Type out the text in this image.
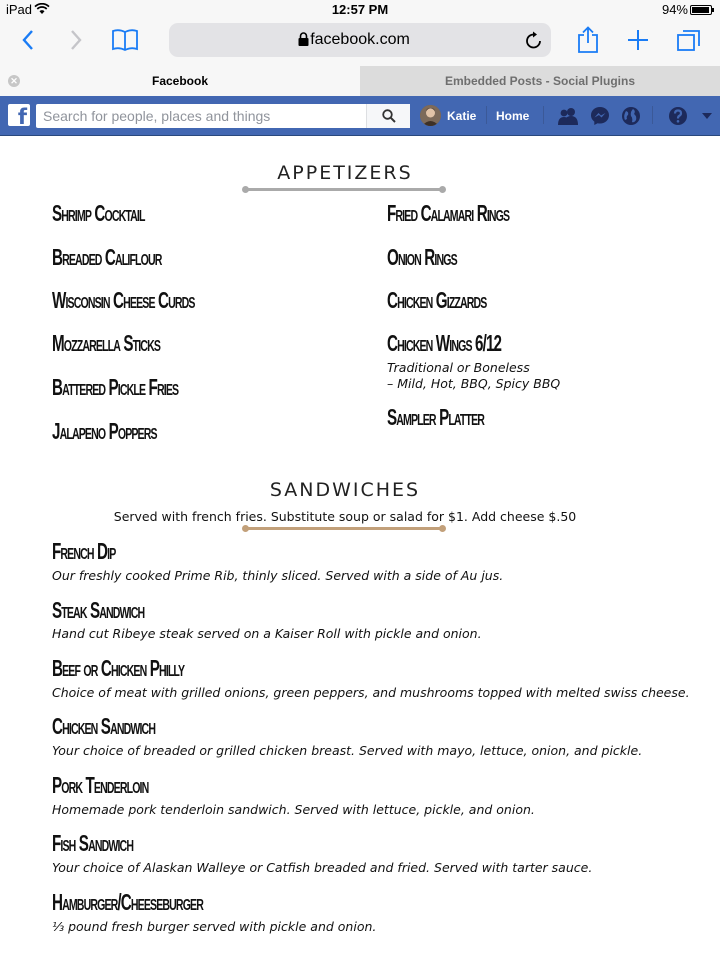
iPad	12:57 PM	94%
facebook.com
✕	Facebook	Embedded Posts - Social Plugins
f
Search for people, places and things	Katie Home
APPETIZERS
Shrimp Cocktail
Breaded Califlour
Wisconsin Cheese Curds
Mozzarella Sticks
Battered Pickle Fries
Jalapeno Poppers
Fried Calamari Rings
Onion Rings
Chicken Gizzards
Chicken Wings 6/12
Traditional or Boneless
– Mild, Hot, BBQ, Spicy BBQ
Sampler Platter
SANDWICHES
Served with french fries. Substitute soup or salad for $1. Add cheese $.50
French Dip
Our freshly cooked Prime Rib, thinly sliced. Served with a side of Au jus.
Steak Sandwich
Hand cut Ribeye steak served on a Kaiser Roll with pickle and onion.
Beef or Chicken Philly
Choice of meat with grilled onions, green peppers, and mushrooms topped with melted swiss cheese.
Chicken Sandwich
Your choice of breaded or grilled chicken breast. Served with mayo, lettuce, onion, and pickle.
Pork Tenderloin
Homemade pork tenderloin sandwich. Served with lettuce, pickle, and onion.
Fish Sandwich
Your choice of Alaskan Walleye or Catfish breaded and fried. Served with tarter sauce.
Hamburger/Cheeseburger
⅓ pound fresh burger served with pickle and onion.
